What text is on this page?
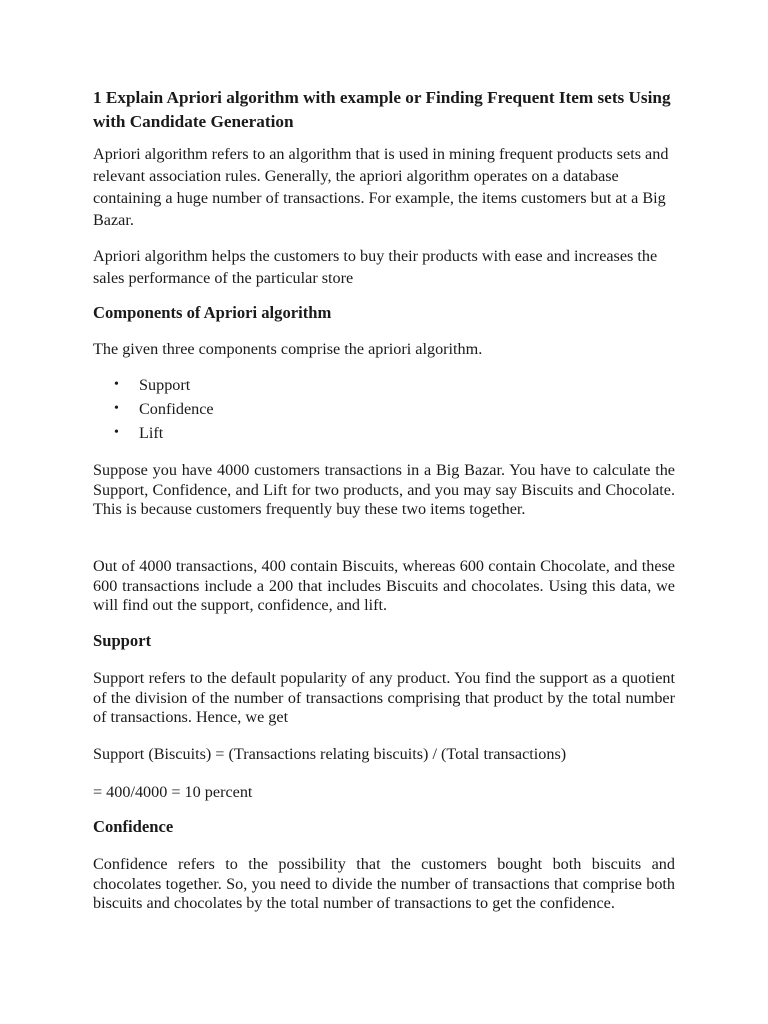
1 Explain Apriori algorithm with example or Finding Frequent Item sets Using with Candidate Generation

Apriori algorithm refers to an algorithm that is used in mining frequent products sets and relevant association rules. Generally, the apriori algorithm operates on a database containing a huge number of transactions. For example, the items customers but at a Big Bazar.

Apriori algorithm helps the customers to buy their products with ease and increases the sales performance of the particular store

Components of Apriori algorithm

The given three components comprise the apriori algorithm.

• Support
• Confidence
• Lift

Suppose you have 4000 customers transactions in a Big Bazar. You have to calculate the Support, Confidence, and Lift for two products, and you may say Biscuits and Chocolate. This is because customers frequently buy these two items together.

Out of 4000 transactions, 400 contain Biscuits, whereas 600 contain Chocolate, and these 600 transactions include a 200 that includes Biscuits and chocolates. Using this data, we will find out the support, confidence, and lift.

Support

Support refers to the default popularity of any product. You find the support as a quotient of the division of the number of transactions comprising that product by the total number of transactions. Hence, we get

Support (Biscuits) = (Transactions relating biscuits) / (Total transactions)

= 400/4000 = 10 percent

Confidence

Confidence refers to the possibility that the customers bought both biscuits and chocolates together. So, you need to divide the number of transactions that comprise both biscuits and chocolates by the total number of transactions to get the confidence.
